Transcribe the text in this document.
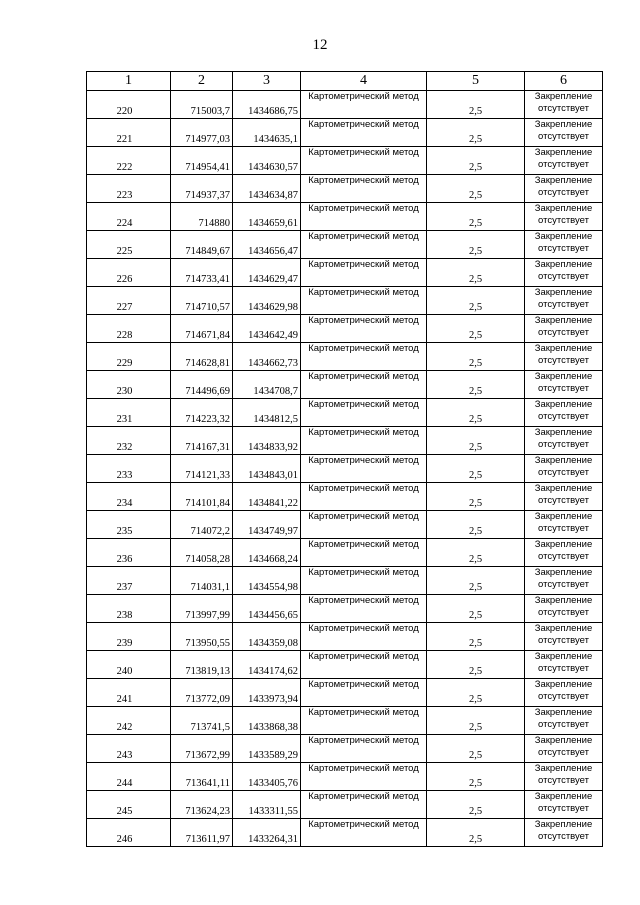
12
1	2	3	4	5	6
220	715003,7	1434686,75	Картометрический метод	2,5	Закрепление отсутствует
221	714977,03	1434635,1	Картометрический метод	2,5	Закрепление отсутствует
222	714954,41	1434630,57	Картометрический метод	2,5	Закрепление отсутствует
223	714937,37	1434634,87	Картометрический метод	2,5	Закрепление отсутствует
224	714880	1434659,61	Картометрический метод	2,5	Закрепление отсутствует
225	714849,67	1434656,47	Картометрический метод	2,5	Закрепление отсутствует
226	714733,41	1434629,47	Картометрический метод	2,5	Закрепление отсутствует
227	714710,57	1434629,98	Картометрический метод	2,5	Закрепление отсутствует
228	714671,84	1434642,49	Картометрический метод	2,5	Закрепление отсутствует
229	714628,81	1434662,73	Картометрический метод	2,5	Закрепление отсутствует
230	714496,69	1434708,7	Картометрический метод	2,5	Закрепление отсутствует
231	714223,32	1434812,5	Картометрический метод	2,5	Закрепление отсутствует
232	714167,31	1434833,92	Картометрический метод	2,5	Закрепление отсутствует
233	714121,33	1434843,01	Картометрический метод	2,5	Закрепление отсутствует
234	714101,84	1434841,22	Картометрический метод	2,5	Закрепление отсутствует
235	714072,2	1434749,97	Картометрический метод	2,5	Закрепление отсутствует
236	714058,28	1434668,24	Картометрический метод	2,5	Закрепление отсутствует
237	714031,1	1434554,98	Картометрический метод	2,5	Закрепление отсутствует
238	713997,99	1434456,65	Картометрический метод	2,5	Закрепление отсутствует
239	713950,55	1434359,08	Картометрический метод	2,5	Закрепление отсутствует
240	713819,13	1434174,62	Картометрический метод	2,5	Закрепление отсутствует
241	713772,09	1433973,94	Картометрический метод	2,5	Закрепление отсутствует
242	713741,5	1433868,38	Картометрический метод	2,5	Закрепление отсутствует
243	713672,99	1433589,29	Картометрический метод	2,5	Закрепление отсутствует
244	713641,11	1433405,76	Картометрический метод	2,5	Закрепление отсутствует
245	713624,23	1433311,55	Картометрический метод	2,5	Закрепление отсутствует
246	713611,97	1433264,31	Картометрический метод	2,5	Закрепление отсутствует
